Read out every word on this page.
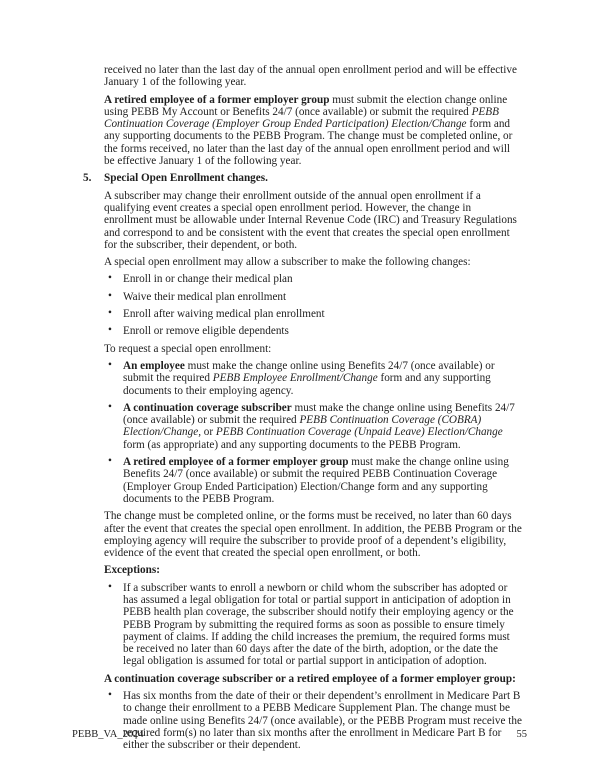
received no later than the last day of the annual open enrollment period and will be effective January 1 of the following year.

A retired employee of a former employer group must submit the election change online using PEBB My Account or Benefits 24/7 (once available) or submit the required PEBB Continuation Coverage (Employer Group Ended Participation) Election/Change form and any supporting documents to the PEBB Program. The change must be completed online, or the forms received, no later than the last day of the annual open enrollment period and will be effective January 1 of the following year.

5. Special Open Enrollment changes.

A subscriber may change their enrollment outside of the annual open enrollment if a qualifying event creates a special open enrollment period. However, the change in enrollment must be allowable under Internal Revenue Code (IRC) and Treasury Regulations and correspond to and be consistent with the event that creates the special open enrollment for the subscriber, their dependent, or both.

A special open enrollment may allow a subscriber to make the following changes:

• Enroll in or change their medical plan
• Waive their medical plan enrollment
• Enroll after waiving medical plan enrollment
• Enroll or remove eligible dependents

To request a special open enrollment:

• An employee must make the change online using Benefits 24/7 (once available) or submit the required PEBB Employee Enrollment/Change form and any supporting documents to their employing agency.
• A continuation coverage subscriber must make the change online using Benefits 24/7 (once available) or submit the required PEBB Continuation Coverage (COBRA) Election/Change, or PEBB Continuation Coverage (Unpaid Leave) Election/Change form (as appropriate) and any supporting documents to the PEBB Program.
• A retired employee of a former employer group must make the change online using Benefits 24/7 (once available) or submit the required PEBB Continuation Coverage (Employer Group Ended Participation) Election/Change form and any supporting documents to the PEBB Program.

The change must be completed online, or the forms must be received, no later than 60 days after the event that creates the special open enrollment. In addition, the PEBB Program or the employing agency will require the subscriber to provide proof of a dependent’s eligibility, evidence of the event that created the special open enrollment, or both.

Exceptions:

• If a subscriber wants to enroll a newborn or child whom the subscriber has adopted or has assumed a legal obligation for total or partial support in anticipation of adoption in PEBB health plan coverage, the subscriber should notify their employing agency or the PEBB Program by submitting the required forms as soon as possible to ensure timely payment of claims. If adding the child increases the premium, the required forms must be received no later than 60 days after the date of the birth, adoption, or the date the legal obligation is assumed for total or partial support in anticipation of adoption.

A continuation coverage subscriber or a retired employee of a former employer group:

• Has six months from the date of their or their dependent’s enrollment in Medicare Part B to change their enrollment to a PEBB Medicare Supplement Plan. The change must be made online using Benefits 24/7 (once available), or the PEBB Program must receive the required form(s) no later than six months after the enrollment in Medicare Part B for either the subscriber or their dependent.
PEBB_VA_2024	55
